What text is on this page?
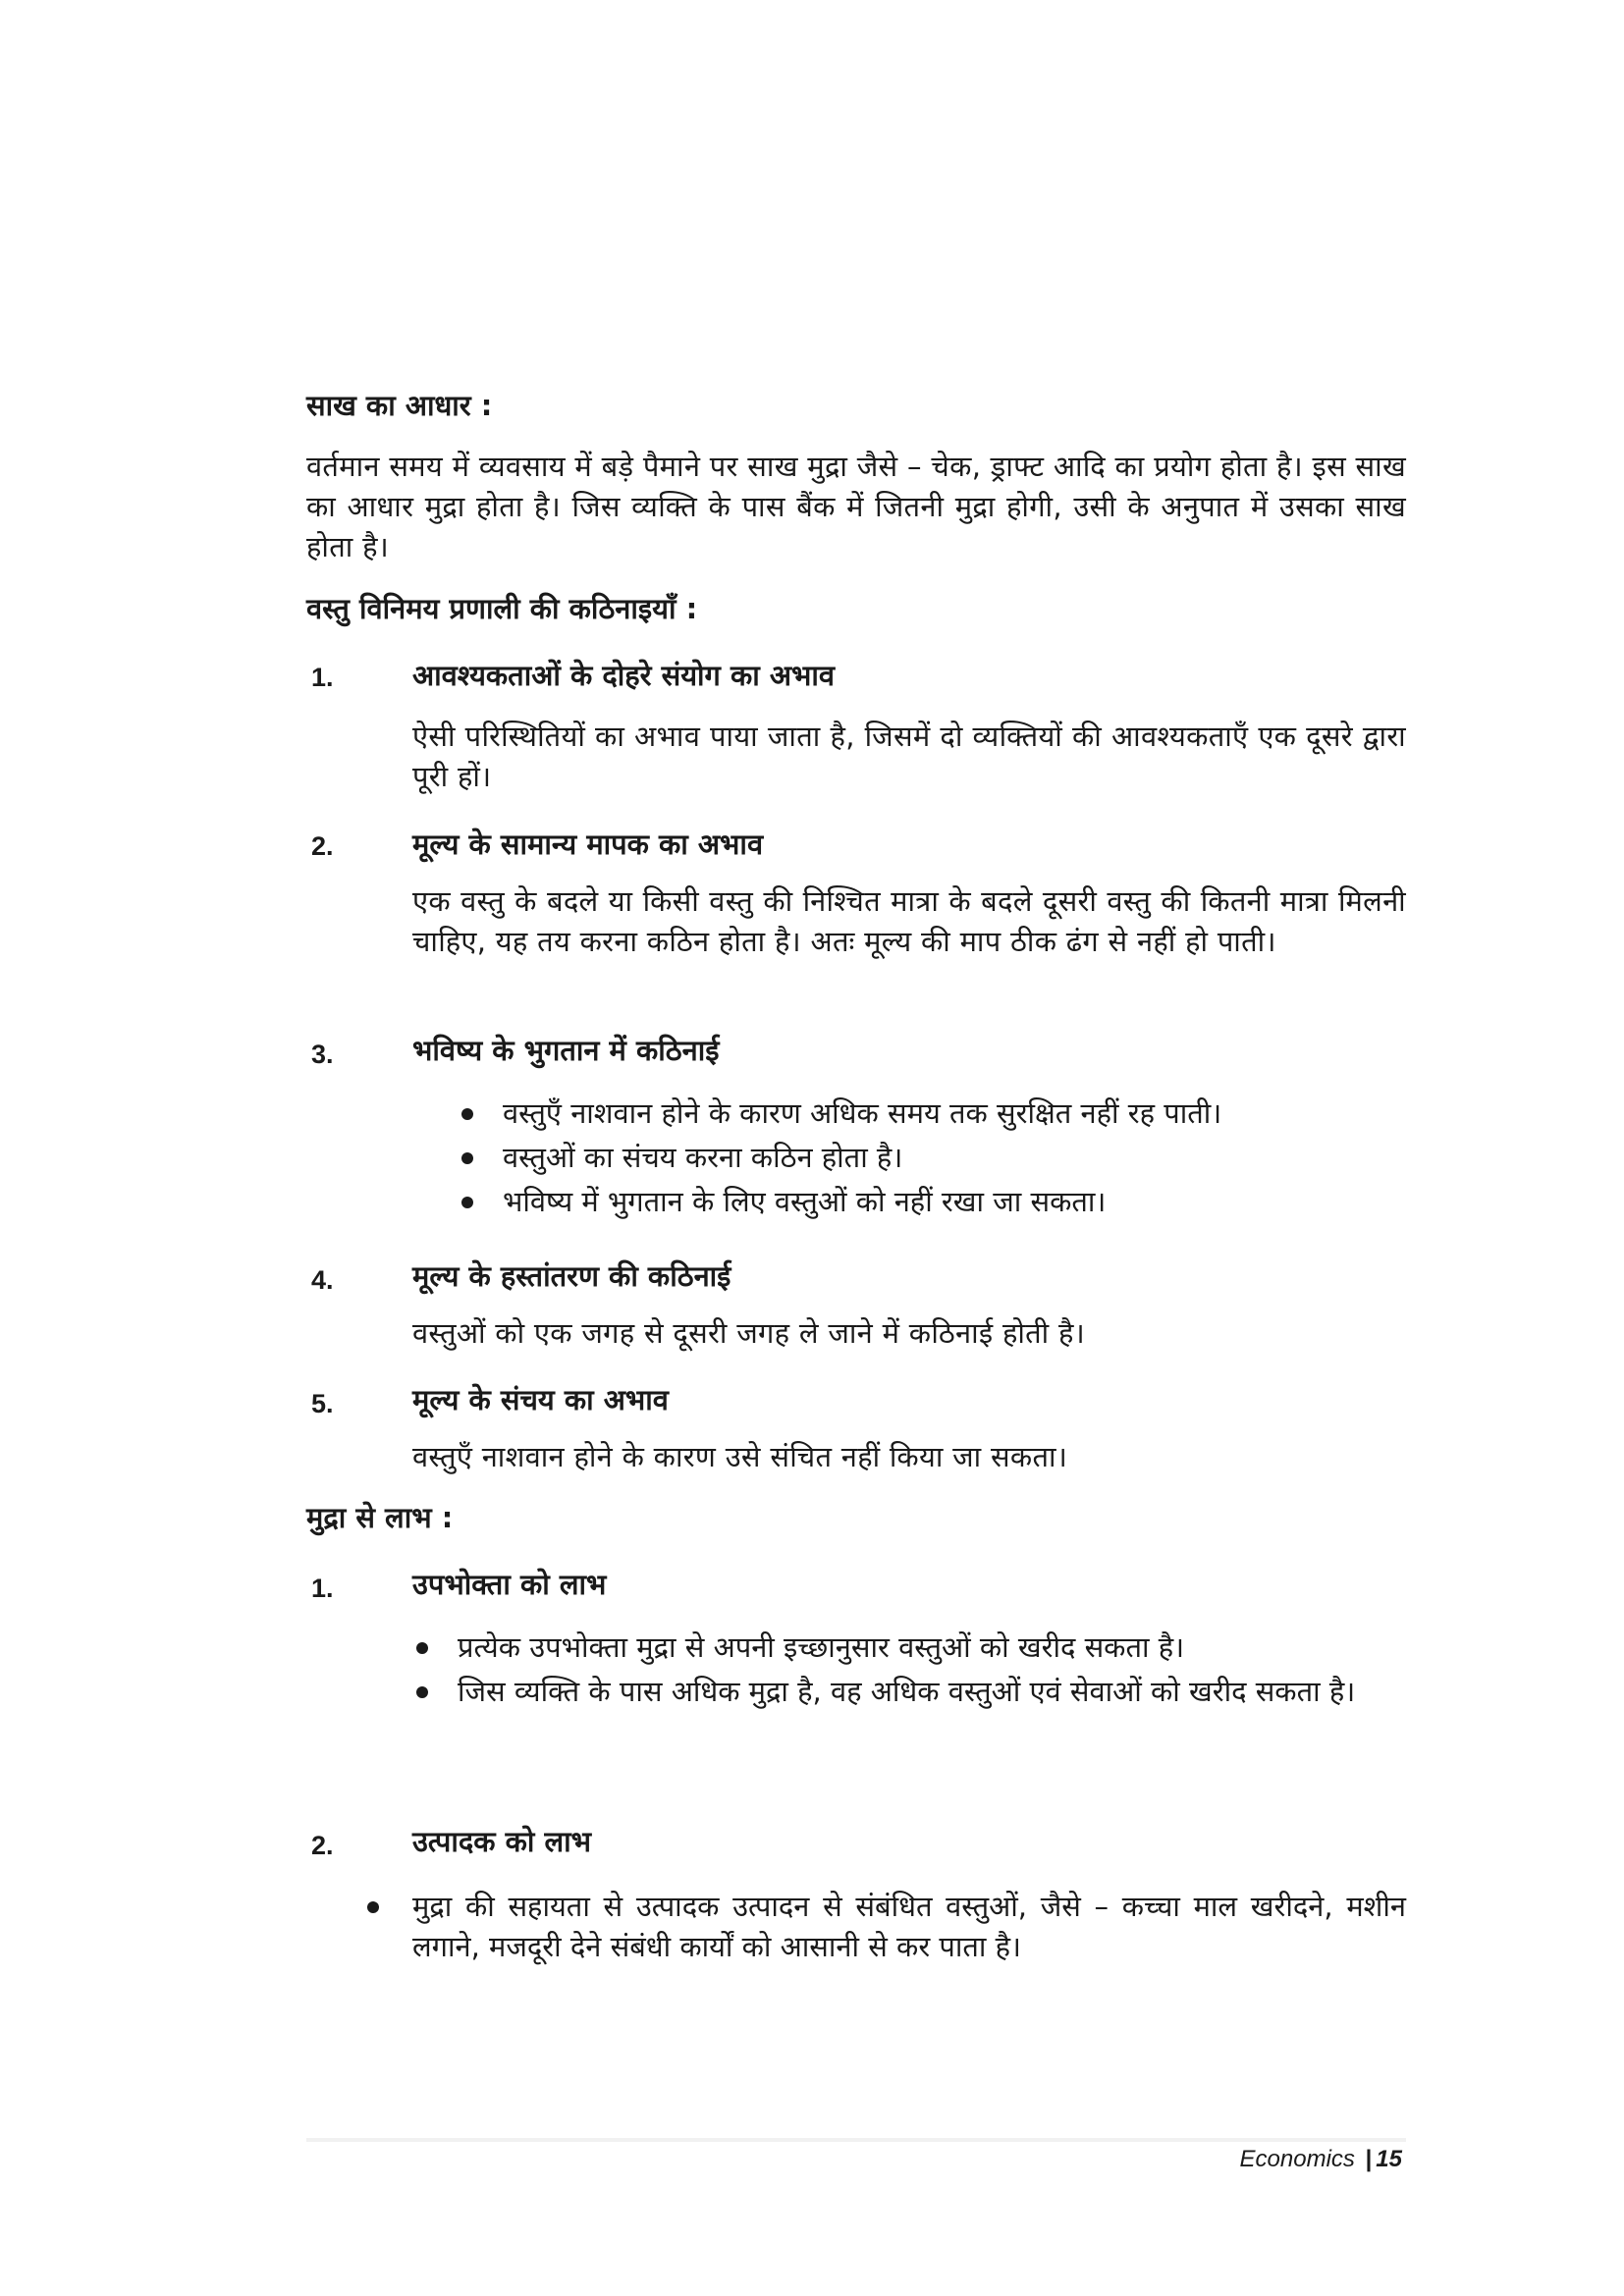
साख का आधार :
वर्तमान समय में व्यवसाय में बड़े पैमाने पर साख मुद्रा जैसे – चेक, ड्राफ्ट आदि का प्रयोग होता है। इस साख का आधार मुद्रा होता है। जिस व्यक्ति के पास बैंक में जितनी मुद्रा होगी, उसी के अनुपात में उसका साख होता है।
वस्तु विनिमय प्रणाली की कठिनाइयाँ :
1.	आवश्यकताओं के दोहरे संयोग का अभाव
ऐसी परिस्थितियों का अभाव पाया जाता है, जिसमें दो व्यक्तियों की आवश्यकताएँ एक दूसरे द्वारा पूरी हों।
2.	मूल्य के सामान्य मापक का अभाव
एक वस्तु के बदले या किसी वस्तु की निश्चित मात्रा के बदले दूसरी वस्तु की कितनी मात्रा मिलनी चाहिए, यह तय करना कठिन होता है। अतः मूल्य की माप ठीक ढंग से नहीं हो पाती।
3.	भविष्य के भुगतान में कठिनाई
वस्तुएँ नाशवान होने के कारण अधिक समय तक सुरक्षित नहीं रह पाती।
वस्तुओं का संचय करना कठिन होता है।
भविष्य में भुगतान के लिए वस्तुओं को नहीं रखा जा सकता।
4.	मूल्य के हस्तांतरण की कठिनाई
वस्तुओं को एक जगह से दूसरी जगह ले जाने में कठिनाई होती है।
5.	मूल्य के संचय का अभाव
वस्तुएँ नाशवान होने के कारण उसे संचित नहीं किया जा सकता।
मुद्रा से लाभ :
1.	उपभोक्ता को लाभ
प्रत्येक उपभोक्ता मुद्रा से अपनी इच्छानुसार वस्तुओं को खरीद सकता है।
जिस व्यक्ति के पास अधिक मुद्रा है, वह अधिक वस्तुओं एवं सेवाओं को खरीद सकता है।
2.	उत्पादक को लाभ
मुद्रा की सहायता से उत्पादक उत्पादन से संबंधित वस्तुओं, जैसे – कच्चा माल खरीदने, मशीन लगाने, मजदूरी देने संबंधी कार्यों को आसानी से कर पाता है।
Economics | 15
